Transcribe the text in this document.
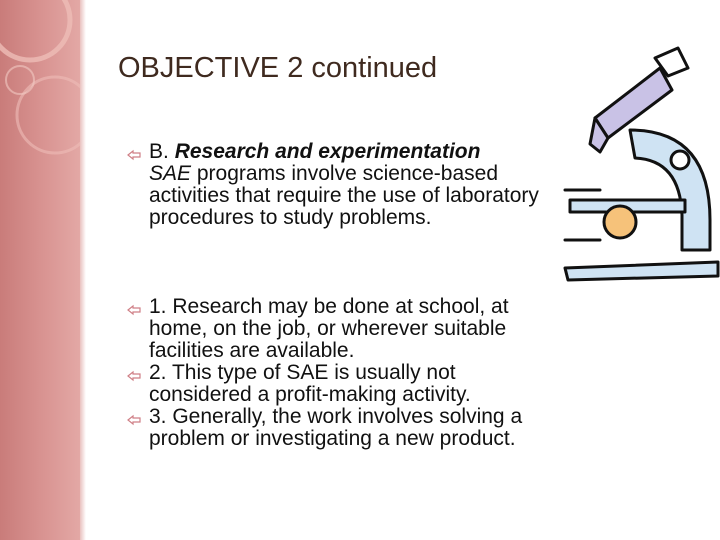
OBJECTIVE 2 continued
B. Research and experimentation
SAE programs involve science-based activities that require the use of laboratory procedures to study problems.
1. Research may be done at school, at home, on the job, or wherever suitable facilities are available.
2. This type of SAE is usually not considered a profit-making activity.
3. Generally, the work involves solving a problem or investigating a new product.
